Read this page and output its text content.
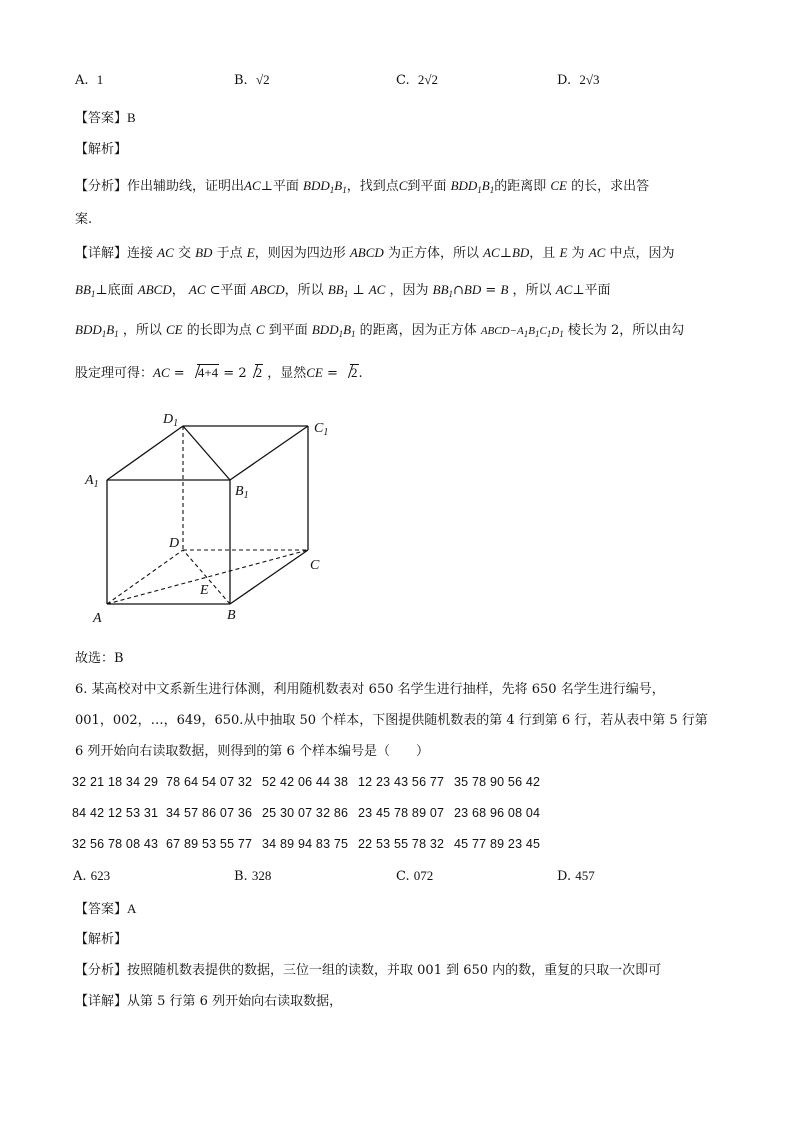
A. 1	B. √2	C. 2√2	D. 2√3
【答案】B
【解析】
【分析】作出辅助线，证明出AC⊥平面 $BDD_1B_1$，找到点C到平面 $BDD_1B_1$的距离即 CE 的长，求出答
案.
【详解】连接 AC 交 BD 于点 E，则因为四边形 ABCD 为正方体，所以 AC⊥BD，且 E 为 AC 中点，因为
$BB_1\perp$底面 ABCD， AC ⊂平面 ABCD，所以 $BB_1$ ⊥ AC ，因为 $BB_1\cap BD = B$ ，所以 AC⊥平面
$BDD_1B_1$ ，所以 CE 的长即为点 C 到平面 $BDD_1B_1$ 的距离，因为正方体 $ABCD-A_1B_1C_1D_1$ 棱长为 2，所以由勾
股定理可得：AC = 4+4 = 2 2 ，显然CE = 2.
$D_1$	$C_1$
$A_1$	$B_1$
D
C
E
A	B
故选：B
6. 某高校对中文系新生进行体测，利用随机数表对 650 名学生进行抽样，先将 650 名学生进行编号，
001，002，…，649，650.从中抽取 50 个样本，下图提供随机数表的第 4 行到第 6 行，若从表中第 5 行第
6 列开始向右读取数据，则得到的第 6 个样本编号是（　　）
32 21 18 34 29 78 64 54 07 32 52 42 06 44 38 12 23 43 56 77 35 78 90 56 42
84 42 12 53 31 34 57 86 07 36 25 30 07 32 86 23 45 78 89 07 23 68 96 08 04
32 56 78 08 43 67 89 53 55 77 34 89 94 83 75 22 53 55 78 32 45 77 89 23 45
A. 623	B. 328	C. 072	D. 457
【答案】A
【解析】
【分析】按照随机数表提供的数据，三位一组的读数，并取 001 到 650 内的数，重复的只取一次即可
【详解】从第 5 行第 6 列开始向右读取数据，
